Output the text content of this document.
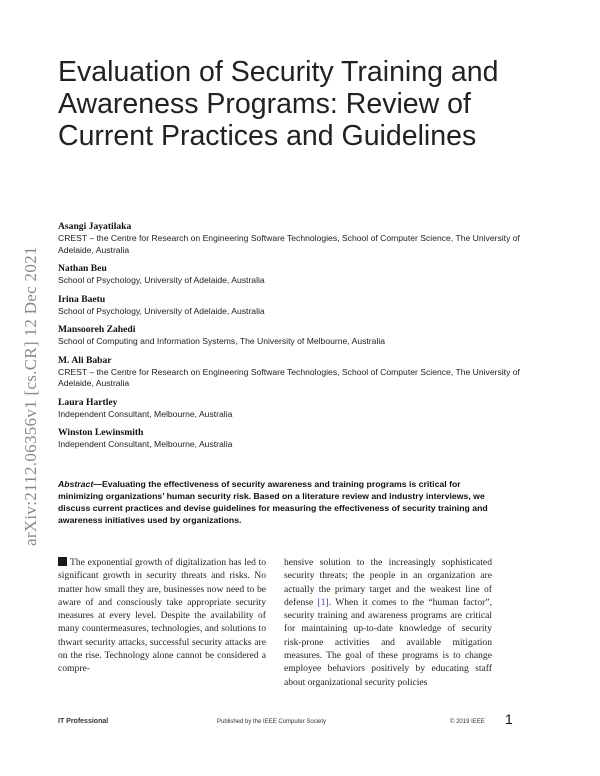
arXiv:2112.06356v1 [cs.CR] 12 Dec 2021
Evaluation of Security Training and Awareness Programs: Review of Current Practices and Guidelines
Asangi Jayatilaka
CREST – the Centre for Research on Engineering Software Technologies, School of Computer Science, The University of Adelaide, Australia
Nathan Beu
School of Psychology, University of Adelaide, Australia
Irina Baetu
School of Psychology, University of Adelaide, Australia
Mansooreh Zahedi
School of Computing and Information Systems, The University of Melbourne, Australia
M. Ali Babar
CREST – the Centre for Research on Engineering Software Technologies, School of Computer Science, The University of Adelaide, Australia
Laura Hartley
Independent Consultant, Melbourne, Australia
Winston Lewinsmith
Independent Consultant, Melbourne, Australia
Abstract—Evaluating the effectiveness of security awareness and training programs is critical for minimizing organizations’ human security risk. Based on a literature review and industry interviews, we discuss current practices and devise guidelines for measuring the effectiveness of security training and awareness initiatives used by organizations.
The exponential growth of digitalization has led to significant growth in security threats and risks. No matter how small they are, businesses now need to be aware of and consciously take appropriate security measures at every level. Despite the availability of many countermeasures, technologies, and solutions to thwart security attacks, successful security attacks are on the rise. Technology alone cannot be considered a compre-
hensive solution to the increasingly sophisticated security threats; the people in an organization are actually the primary target and the weakest line of defense [1]. When it comes to the “human factor”, security training and awareness programs are critical for maintaining up-to-date knowledge of security risk-prone activities and available mitigation measures. The goal of these programs is to change employee behaviors positively by educating staff about organizational security policies
IT Professional	Published by the IEEE Computer Society	© 2019 IEEE 1
